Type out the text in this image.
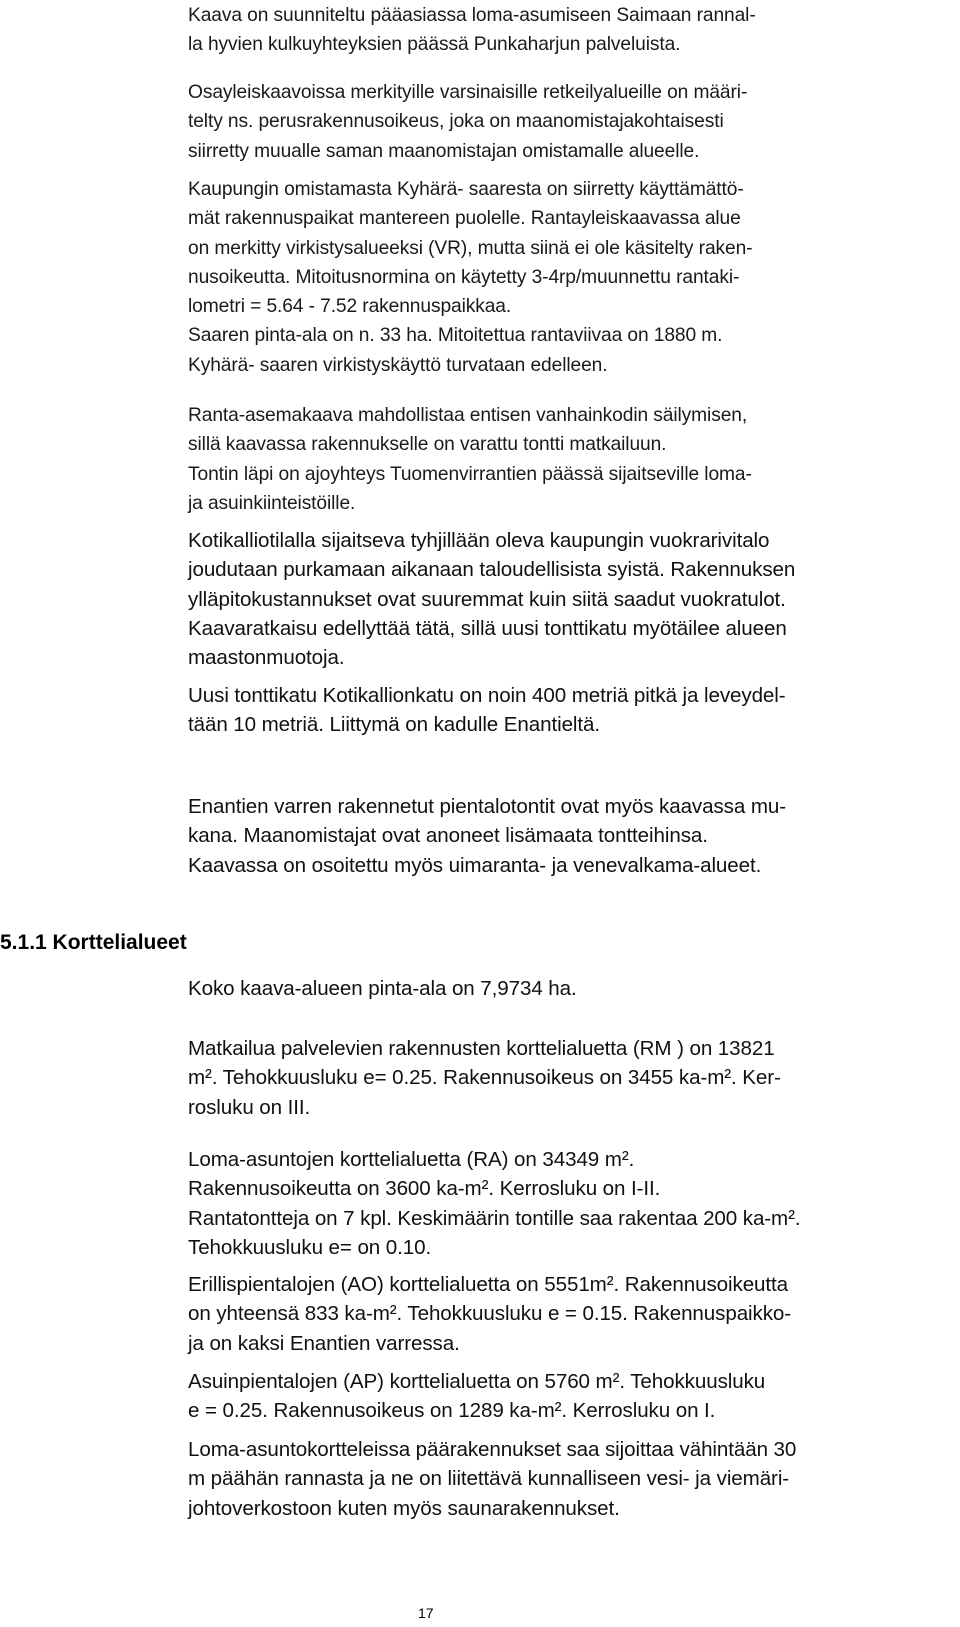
Kaava on suunniteltu pääasiassa loma-asumiseen Saimaan rannal-
la hyvien kulkuyhteyksien päässä Punkaharjun palveluista.
Osayleiskaavoissa merkityille varsinaisille retkeilyalueille on määri-
telty ns. perusrakennusoikeus, joka on maanomistajakohtaisesti
siirretty muualle saman maanomistajan omistamalle alueelle.
Kaupungin omistamasta Kyhärä- saaresta on siirretty käyttämättö-
mät rakennuspaikat mantereen puolelle. Rantayleiskaavassa alue
on merkitty virkistysalueeksi (VR), mutta siinä ei ole käsitelty raken-
nusoikeutta. Mitoitusnormina on käytetty 3-4rp/muunnettu rantaki-
lometri = 5.64 - 7.52 rakennuspaikkaa.
Saaren pinta-ala on n. 33 ha. Mitoitettua rantaviivaa on 1880 m.
Kyhärä- saaren virkistyskäyttö turvataan edelleen.
Ranta-asemakaava mahdollistaa entisen vanhainkodin säilymisen,
sillä kaavassa rakennukselle on varattu tontti matkailuun.
Tontin läpi on ajoyhteys Tuomenvirrantien päässä sijaitseville loma-
ja asuinkiinteistöille.
Kotikalliotilalla sijaitseva tyhjillään oleva kaupungin vuokrarivitalo
joudutaan purkamaan aikanaan taloudellisista syistä. Rakennuksen
ylläpitokustannukset ovat suuremmat kuin siitä saadut vuokratulot.
Kaavaratkaisu edellyttää tätä, sillä uusi tonttikatu myötäilee alueen
maastonmuotoja.
Uusi tonttikatu Kotikallionkatu on noin 400 metriä pitkä ja leveydel-
tään 10 metriä. Liittymä on kadulle Enantieltä.
Enantien varren rakennetut pientalotontit ovat myös kaavassa mu-
kana. Maanomistajat ovat anoneet lisämaata tontteihinsa.
Kaavassa on osoitettu myös uimaranta- ja venevalkama-alueet.
5.1.1 Korttelialueet
Koko kaava-alueen pinta-ala on 7,9734 ha.
Matkailua palvelevien rakennusten korttelialuetta (RM ) on 13821
m². Tehokkuusluku e= 0.25. Rakennusoikeus on 3455 ka-m². Ker-
rosluku on III.
Loma-asuntojen korttelialuetta (RA) on 34349 m².
Rakennusoikeutta on 3600 ka-m². Kerrosluku on I-II.
Rantatontteja on 7 kpl. Keskimäärin tontille saa rakentaa 200 ka-m².
Tehokkuusluku e= on 0.10.
Erillispientalojen (AO) korttelialuetta on 5551m². Rakennusoikeutta
on yhteensä 833 ka-m². Tehokkuusluku e = 0.15. Rakennuspaikko-
ja on kaksi Enantien varressa.
Asuinpientalojen (AP) korttelialuetta on 5760 m². Tehokkuusluku
e = 0.25. Rakennusoikeus on 1289 ka-m². Kerrosluku on I.
Loma-asuntokortteleissa päärakennukset saa sijoittaa vähintään 30
m päähän rannasta ja ne on liitettävä kunnalliseen vesi- ja viemäri-
johtoverkostoon kuten myös saunarakennukset.
17
